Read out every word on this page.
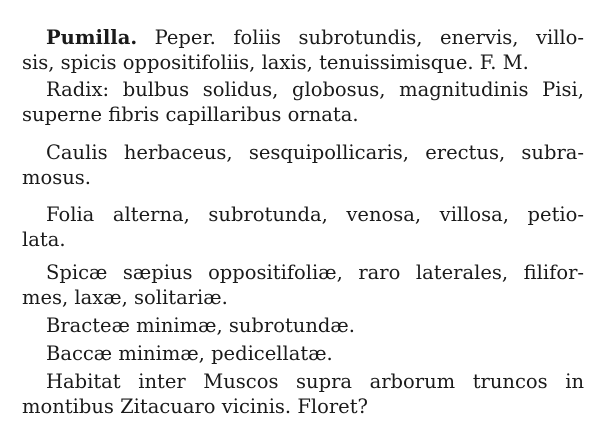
Pumilla. Peper. foliis subrotundis, enervis, villo-
sis, spicis oppositifoliis, laxis, tenuissimisque. F. M.
Radix: bulbus solidus, globosus, magnitudinis Pisi,
superne fibris capillaribus ornata.
Caulis herbaceus, sesquipollicaris, erectus, subra-
mosus.
Folia alterna, subrotunda, venosa, villosa, petio-
lata.
Spicæ sæpius oppositifoliæ, raro laterales, filifor-
mes, laxæ, solitariæ.
Bracteæ minimæ, subrotundæ.
Baccæ minimæ, pedicellatæ.
Habitat inter Muscos supra arborum truncos in
montibus Zitacuaro vicinis. Floret?
